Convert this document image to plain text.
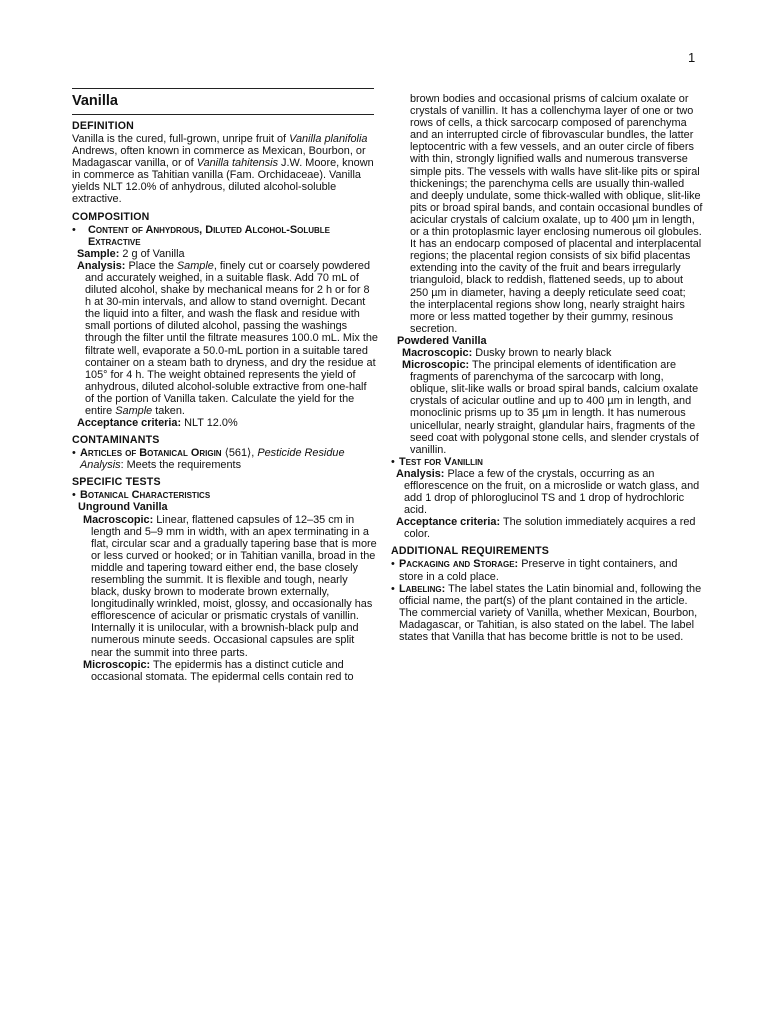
1
Vanilla
DEFINITION

Vanilla is the cured, full-grown, unripe fruit of Vanilla planifolia Andrews, often known in commerce as Mexican, Bourbon, or Madagascar vanilla, or of Vanilla tahitensis J.W. Moore, known in commerce as Tahitian vanilla (Fam. Orchidaceae). Vanilla yields NLT 12.0% of anhydrous, diluted alcohol-soluble extractive.

COMPOSITION

• Content of Anhydrous, Diluted Alcohol-Soluble Extractive

Sample: 2 g of Vanilla

Analysis: Place the Sample, finely cut or coarsely powdered and accurately weighed, in a suitable flask. Add 70 mL of diluted alcohol, shake by mechanical means for 2 h or for 8 h at 30-min intervals, and allow to stand overnight. Decant the liquid into a filter, and wash the flask and residue with small portions of diluted alcohol, passing the washings through the filter until the filtrate measures 100.0 mL. Mix the filtrate well, evaporate a 50.0-mL portion in a suitable tared container on a steam bath to dryness, and dry the residue at 105° for 4 h. The weight obtained represents the yield of anhydrous, diluted alcohol-soluble extractive from one-half of the portion of Vanilla taken. Calculate the yield for the entire Sample taken.

Acceptance criteria: NLT 12.0%

CONTAMINANTS

• Articles of Botanical Origin ⟨561⟩, Pesticide Residue Analysis: Meets the requirements

SPECIFIC TESTS

• Botanical Characteristics

Unground Vanilla

Macroscopic: Linear, flattened capsules of 12–35 cm in length and 5–9 mm in width, with an apex terminating in a flat, circular scar and a gradually tapering base that is more or less curved or hooked; or in Tahitian vanilla, broad in the middle and tapering toward either end, the base closely resembling the summit. It is flexible and tough, nearly black, dusky brown to moderate brown externally, longitudinally wrinkled, moist, glossy, and occasionally has efflorescence of acicular or prismatic crystals of vanillin. Internally it is unilocular, with a brownish-black pulp and numerous minute seeds. Occasional capsules are split near the summit into three parts.

Microscopic: The epidermis has a distinct cuticle and occasional stomata. The epidermal cells contain red to

brown bodies and occasional prisms of calcium oxalate or crystals of vanillin. It has a collenchyma layer of one or two rows of cells, a thick sarcocarp composed of parenchyma and an interrupted circle of fibrovascular bundles, the latter leptocentric with a few vessels, and an outer circle of fibers with thin, strongly lignified walls and numerous transverse simple pits. The vessels with walls have slit-like pits or spiral thickenings; the parenchyma cells are usually thin-walled and deeply undulate, some thick-walled with oblique, slit-like pits or broad spiral bands, and contain occasional bundles of acicular crystals of calcium oxalate, up to 400 µm in length, or a thin protoplasmic layer enclosing numerous oil globules. It has an endocarp composed of placental and interplacental regions; the placental region consists of six bifid placentas extending into the cavity of the fruit and bears irregularly triangulоid, black to reddish, flattened seeds, up to about 250 µm in diameter, having a deeply reticulate seed coat; the interplacental regions show long, nearly straight hairs more or less matted together by their gummy, resinous secretion.

Powdered Vanilla

Macroscopic: Dusky brown to nearly black

Microscopic: The principal elements of identification are fragments of parenchyma of the sarcocarp with long, oblique, slit-like walls or broad spiral bands, calcium oxalate crystals of acicular outline and up to 400 µm in length, and monoclinic prisms up to 35 µm in length. It has numerous unicellular, nearly straight, glandular hairs, fragments of the seed coat with polygonal stone cells, and slender crystals of vanillin.

• Test for Vanillin

Analysis: Place a few of the crystals, occurring as an efflorescence on the fruit, on a microslide or watch glass, and add 1 drop of phloroglucinol TS and 1 drop of hydrochloric acid.

Acceptance criteria: The solution immediately acquires a red color.

ADDITIONAL REQUIREMENTS

• Packaging and Storage: Preserve in tight containers, and store in a cold place.

• Labeling: The label states the Latin binomial and, following the official name, the part(s) of the plant contained in the article. The commercial variety of Vanilla, whether Mexican, Bourbon, Madagascar, or Tahitian, is also stated on the label. The label states that Vanilla that has become brittle is not to be used.
